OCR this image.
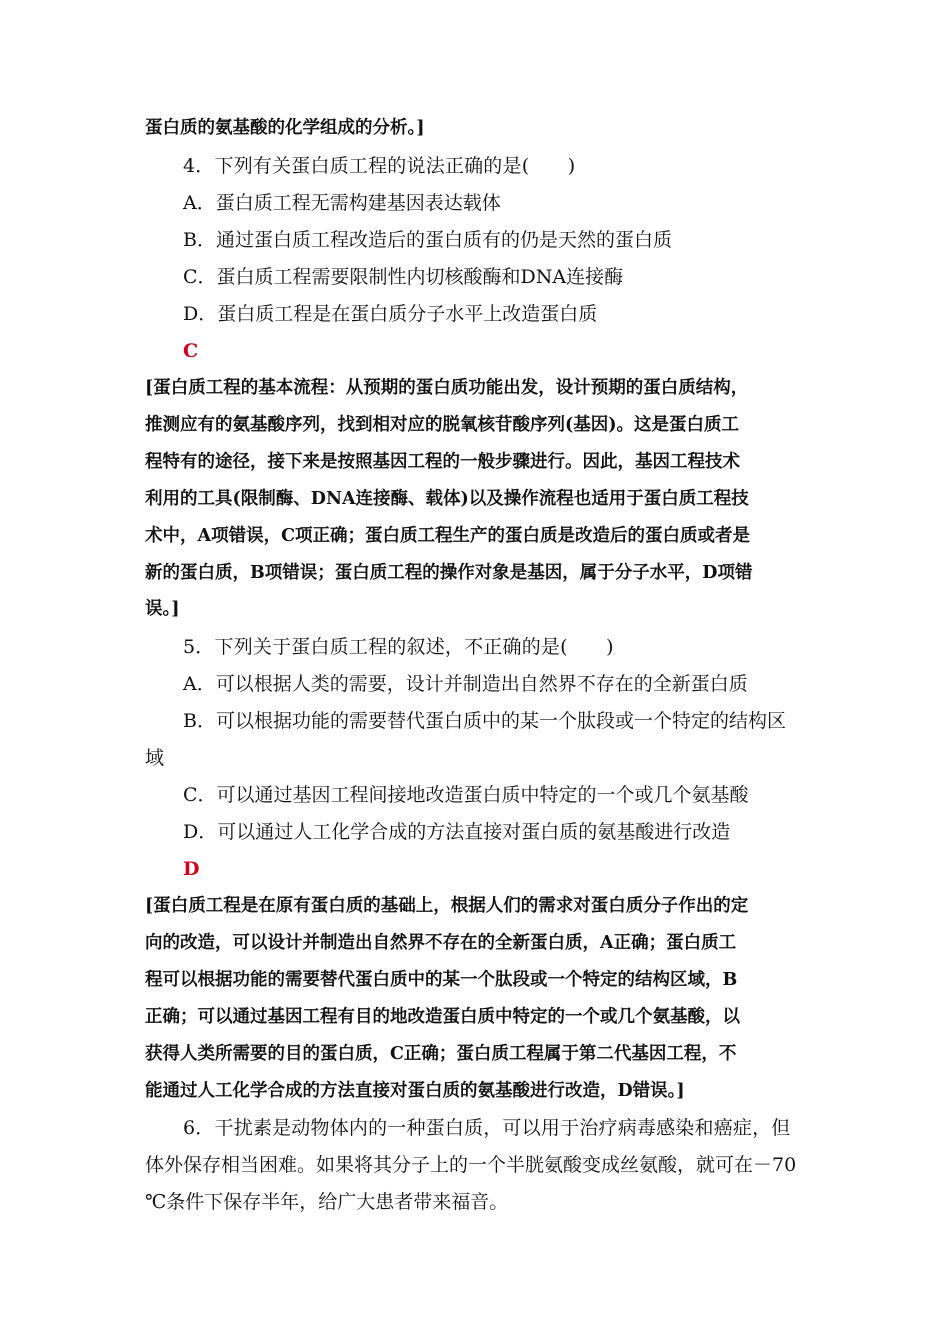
蛋白质的氨基酸的化学组成的分析。]
4．下列有关蛋白质工程的说法正确的是(　　)
A．蛋白质工程无需构建基因表达载体
B．通过蛋白质工程改造后的蛋白质有的仍是天然的蛋白质
C．蛋白质工程需要限制性内切核酸酶和DNA连接酶
D．蛋白质工程是在蛋白质分子水平上改造蛋白质
C
[蛋白质工程的基本流程：从预期的蛋白质功能出发，设计预期的蛋白质结构，
推测应有的氨基酸序列，找到相对应的脱氧核苷酸序列(基因)。这是蛋白质工
程特有的途径，接下来是按照基因工程的一般步骤进行。因此，基因工程技术
利用的工具(限制酶、DNA连接酶、载体)以及操作流程也适用于蛋白质工程技
术中，A项错误，C项正确；蛋白质工程生产的蛋白质是改造后的蛋白质或者是
新的蛋白质，B项错误；蛋白质工程的操作对象是基因，属于分子水平，D项错
误。]
5．下列关于蛋白质工程的叙述，不正确的是(　　)
A．可以根据人类的需要，设计并制造出自然界不存在的全新蛋白质
B．可以根据功能的需要替代蛋白质中的某一个肽段或一个特定的结构区
域
C．可以通过基因工程间接地改造蛋白质中特定的一个或几个氨基酸
D．可以通过人工化学合成的方法直接对蛋白质的氨基酸进行改造
D
[蛋白质工程是在原有蛋白质的基础上，根据人们的需求对蛋白质分子作出的定
向的改造，可以设计并制造出自然界不存在的全新蛋白质，A正确；蛋白质工
程可以根据功能的需要替代蛋白质中的某一个肽段或一个特定的结构区域，B
正确；可以通过基因工程有目的地改造蛋白质中特定的一个或几个氨基酸，以
获得人类所需要的目的蛋白质，C正确；蛋白质工程属于第二代基因工程，不
能通过人工化学合成的方法直接对蛋白质的氨基酸进行改造，D错误。]
6．干扰素是动物体内的一种蛋白质，可以用于治疗病毒感染和癌症，但
体外保存相当困难。如果将其分子上的一个半胱氨酸变成丝氨酸，就可在－70
℃条件下保存半年，给广大患者带来福音。
